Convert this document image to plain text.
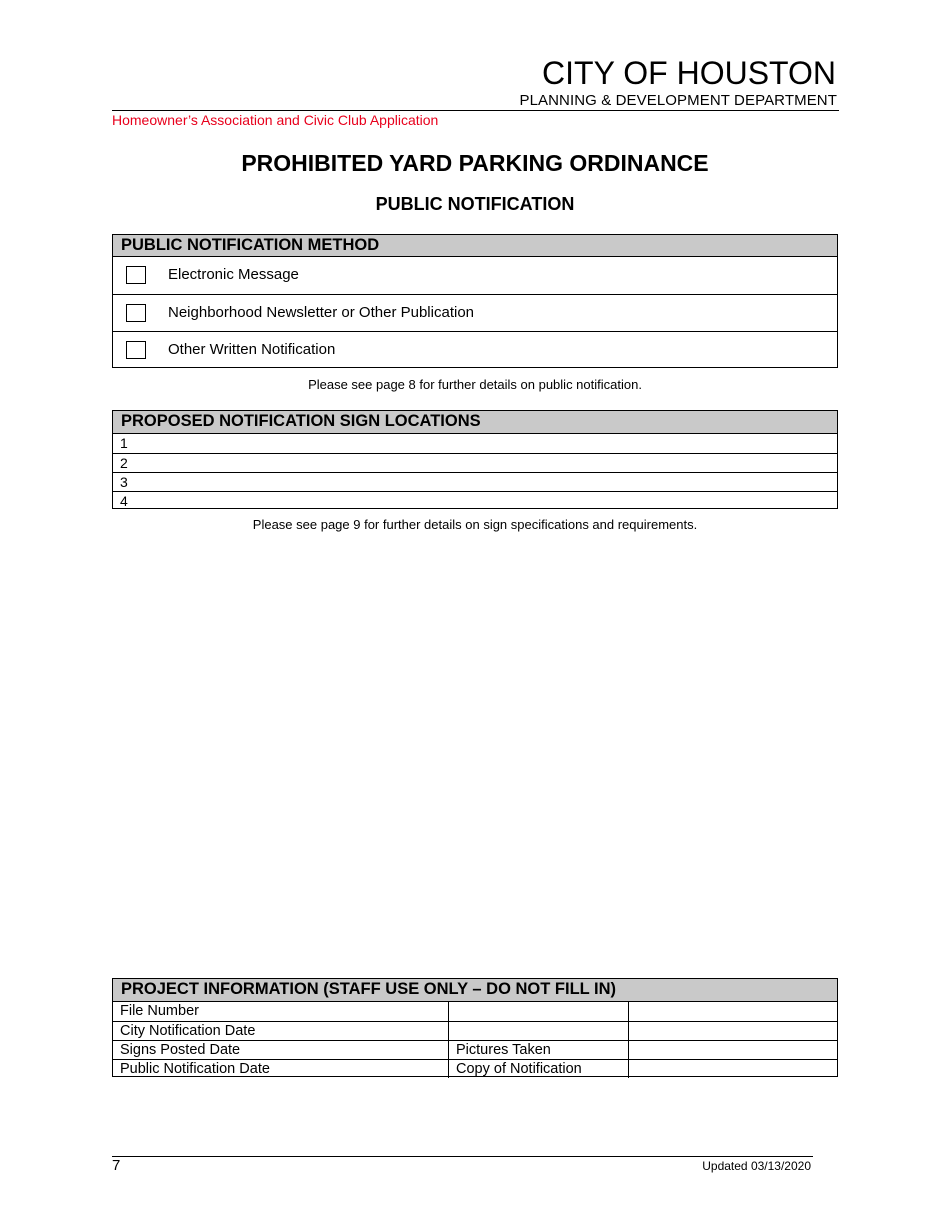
CITY OF HOUSTON
PLANNING & DEVELOPMENT DEPARTMENT
Homeowner’s Association and Civic Club Application
PROHIBITED YARD PARKING ORDINANCE
PUBLIC NOTIFICATION
PUBLIC NOTIFICATION METHOD
Electronic Message
Neighborhood Newsletter or Other Publication
Other Written Notification
Please see page 8 for further details on public notification.
PROPOSED NOTIFICATION SIGN LOCATIONS
1
2
3
4
Please see page 9 for further details on sign specifications and requirements.
PROJECT INFORMATION (STAFF USE ONLY – DO NOT FILL IN)
File Number
City Notification Date
Signs Posted Date	Pictures Taken
Public Notification Date	Copy of Notification
7	Updated 03/13/2020
